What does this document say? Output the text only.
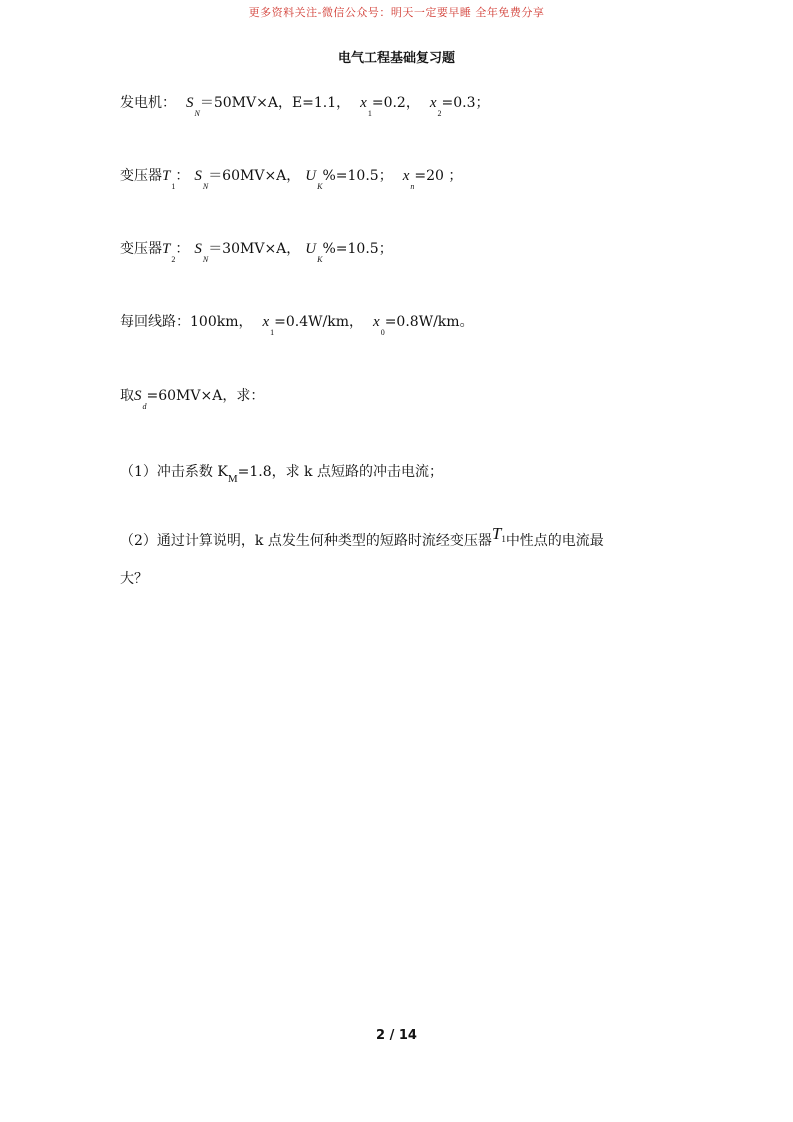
更多资料关注-微信公众号：明天一定要早睡 全年免费分享
电气工程基础复习题
发电机： $S_N=50MV\times A$，E=1.1， $x_1=0.2$， $x_2=0.3$；
变压器$T_1$： $S_N=60MV\times A$， $U_K\%=10.5$； $x_n=20$ ；
变压器$T_2$： $S_N=30MV\times A$， $U_K\%=10.5$；
每回线路：100km， $x_1=0.4W/km$， $x_0=0.8W/km$。
取$S_d=60MV\times A$，求：
（1）冲击系数 $K_M=1.8$，求 k 点短路的冲击电流；
（2）通过计算说明，k 点发生何种类型的短路时流经变压器$T^1$中性点的电流最
大？
2 / 14
